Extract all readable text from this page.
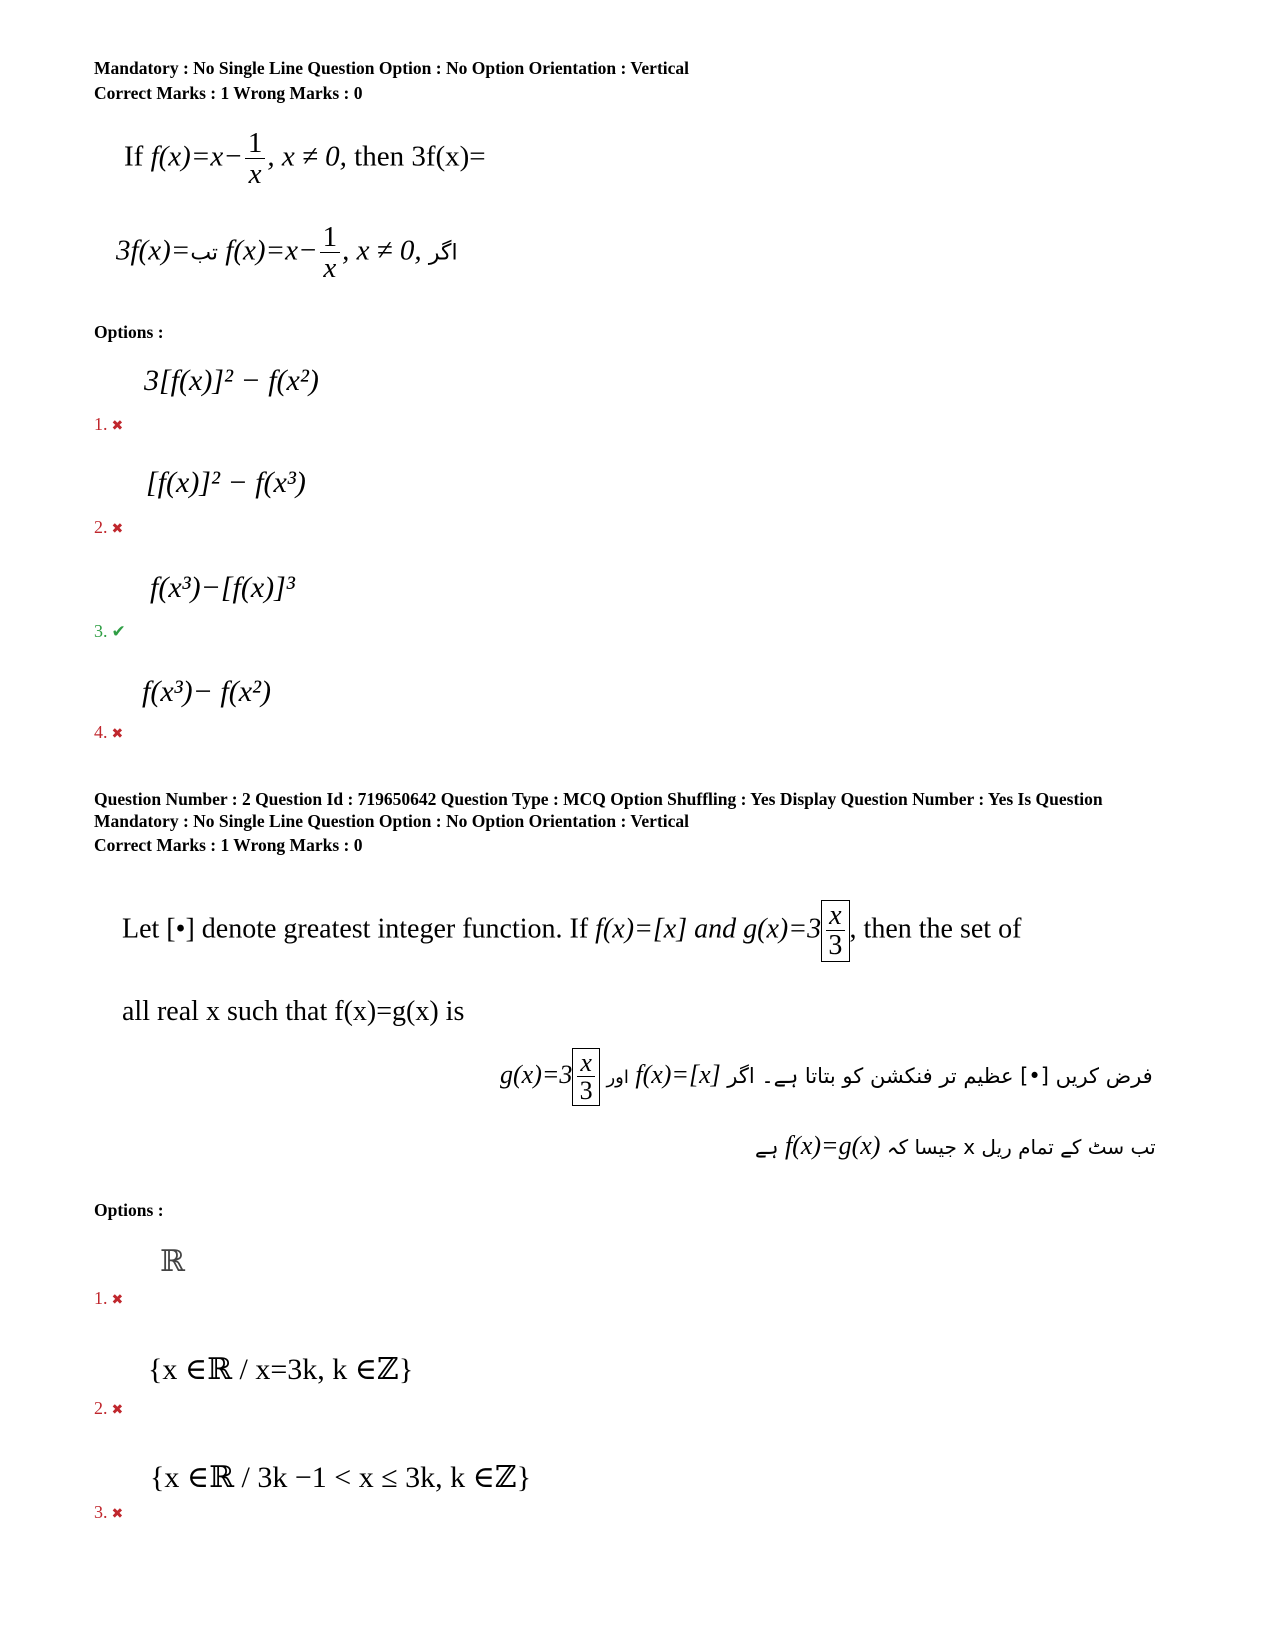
Mandatory : No Single Line Question Option : No Option Orientation : Vertical
Correct Marks : 1 Wrong Marks : 0
If $f(x)=x- \frac{1}{x}$ , x ≠ 0, then 3f(x)=
3f(x)=تب $f(x)=x- \frac{1}{x}$ , x ≠ 0, اگر
Options :
3[f(x)]² − f(x²)
1. ✖
[f(x)]² − f(x³)
2. ✖
f(x³)−[f(x)]³
3. ✔
f(x³)− f(x²)
4. ✖
Question Number : 2 Question Id : 719650642 Question Type : MCQ Option Shuffling : Yes Display Question Number : Yes Is Question
Mandatory : No Single Line Question Option : No Option Orientation : Vertical
Correct Marks : 1 Wrong Marks : 0
Let [•] denote greatest integer function. If f(x)=[x] and $g(x)=3 \frac{x}{3}$ , then the set of
all real x such that f(x)=g(x) is
$g(x)=3 \frac{x}{3}$ اور f(x)=[x] فرض کریں [•] عظیم تر فنکشن کو بتاتا ہے۔ اگر
ہے f(x)=g(x) تب سٹ کے تمام ریل x جیسا کہ
Options :
ℝ
1. ✖
{x ∈ℝ / x=3k, k ∈ℤ}
2. ✖
{x ∈ℝ / 3k −1 < x ≤ 3k, k ∈ℤ}
3. ✖
